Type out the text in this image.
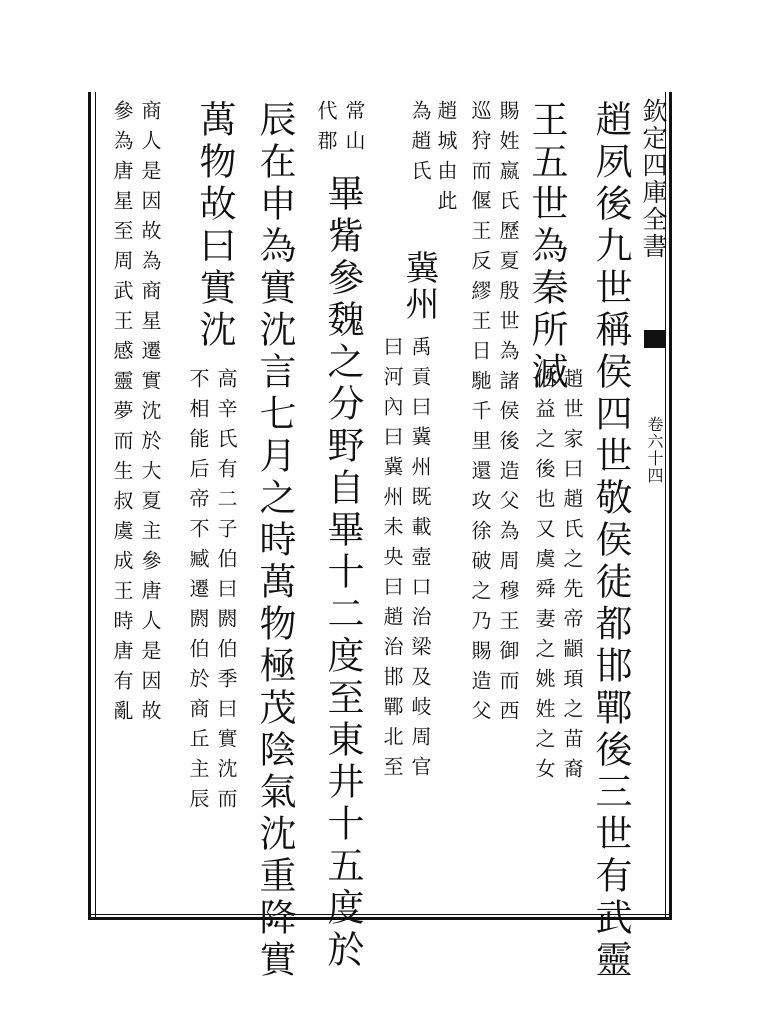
欽定四庫全書
卷六十四
趙夙後九世稱侯四世敬侯徒都邯鄲後三世有武靈
王五世為秦所滅
趙世家曰趙氏之先帝顓頊之苗裔
伯益之後也又虞舜妻之姚姓之女
賜姓嬴氏歷夏殷世為諸侯後造父為周穆王御而西
巡狩而偃王反繆王日馳千里還攻徐破之乃賜造父
趙城由此
為趙氏
冀州
禹貢曰冀州既載壺口治梁及岐周官
曰河內曰冀州未央曰趙治邯鄲北至
常山
代郡
畢觜參魏之分野自畢十二度至東井十五度於
辰在申為實沈言七月之時萬物極茂陰氣沈重降實
萬物故曰實沈
高辛氏有二子伯曰閼伯季曰實沈而
不相能后帝不臧遷閼伯於商丘主辰
商人是因故為商星遷實沈於大夏主參唐人是因故
參為唐星至周武王感靈夢而生叔虞成王時唐有亂
